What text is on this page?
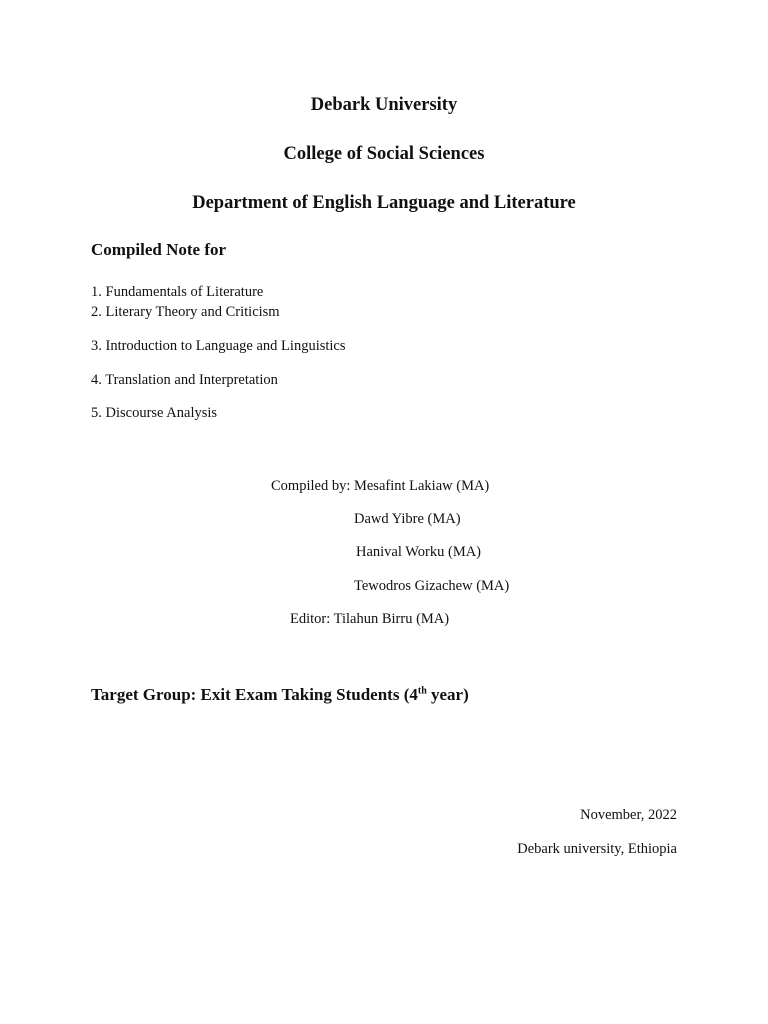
Debark University
College of Social Sciences
Department of English Language and Literature
Compiled Note for
1. Fundamentals of Literature
2. Literary Theory and Criticism
3. Introduction to Language and Linguistics
4. Translation and Interpretation
5. Discourse Analysis
Compiled by: Mesafint Lakiaw (MA)
Dawd Yibre (MA)
Hanival Worku (MA)
Tewodros Gizachew (MA)
Editor: Tilahun Birru (MA)
Target Group: Exit Exam Taking Students (4th year)
November, 2022
Debark university, Ethiopia
